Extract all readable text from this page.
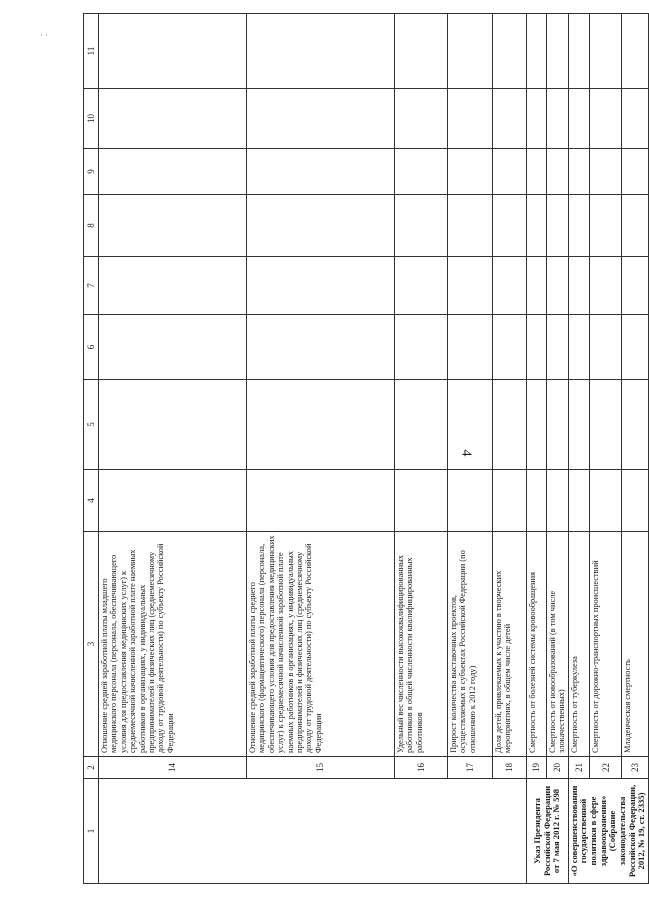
4
· ·
1	2	3	4	5	6	7	8	9	10	11
	14	Отношение средней заработной платы младшего медицинского персонала (персонала, обеспечивающего условия для предоставления медицинских услуг) к среднемесячной начисленной заработной плате наемных работников в организациях, у индивидуальных предпринимателей и физических лиц (среднемесячному доходу от трудовой деятельности) по субъекту Российской Федерации								
	15	Отношение средней заработной платы среднего медицинского (фармацевтического) персонала (персонала, обеспечивающего условия для предоставления медицинских услуг) к среднемесячной начисленной заработной плате наемных работников в организациях, у индивидуальных предпринимателей и физических лиц (среднемесячному доходу от трудовой деятельности) по субъекту Российской Федерации								
	16	Удельный вес численности высококвалифицированных работников в общей численности квалифицированных работников								
	17	Прирост количества выставочных проектов, осуществляемых в субъектах Российской Федерации (по отношению к 2012 году)								
	18	Доля детей, привлекаемых к участию в творческих мероприятиях, в общем числе детей								
Указ Президента Российской Федерации от 7 мая 2012 г. № 598	19	Смертность от болезней системы кровообращения								
	20	Смертность от новообразований (в том числе злокачественных)								
«О совершенствовании государственной политики в сфере здравоохранения» (Собрание законодательства Российской Федерации, 2012, № 19, ст. 2335)	21	Смертность от туберкулеза								
	22	Смертность от дорожно-транспортных происшествий								
	23	Младенческая смертность								
